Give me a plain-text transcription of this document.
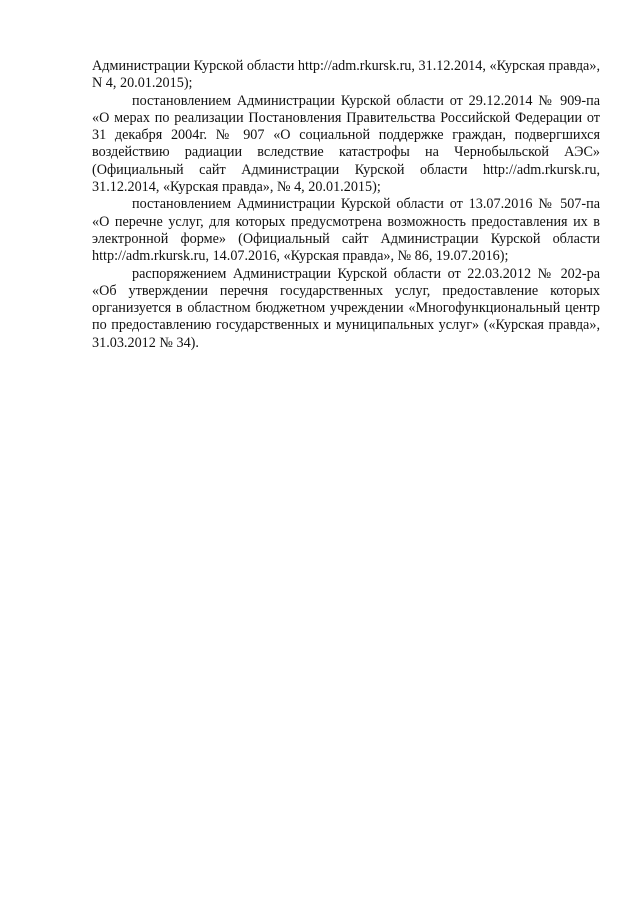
Администрации Курской области http://adm.rkursk.ru, 31.12.2014, «Курская правда», N 4, 20.01.2015);

постановлением Администрации Курской области от 29.12.2014 № 909-па «О мерах по реализации Постановления Правительства Российской Федерации от 31 декабря 2004г. № 907 «О социальной поддержке граждан, подвергшихся воздействию радиации вследствие катастрофы на Чернобыльской АЭС» (Официальный сайт Администрации Курской области http://adm.rkursk.ru, 31.12.2014, «Курская правда», № 4, 20.01.2015);

постановлением Администрации Курской области от 13.07.2016 № 507-па «О перечне услуг, для которых предусмотрена возможность предоставления их в электронной форме» (Официальный сайт Администрации Курской области http://adm.rkursk.ru, 14.07.2016, «Курская правда», № 86, 19.07.2016);

распоряжением Администрации Курской области от 22.03.2012 № 202-ра «Об утверждении перечня государственных услуг, предоставление которых организуется в областном бюджетном учреждении «Многофункциональный центр по предоставлению государственных и муниципальных услуг» («Курская правда», 31.03.2012 № 34).
